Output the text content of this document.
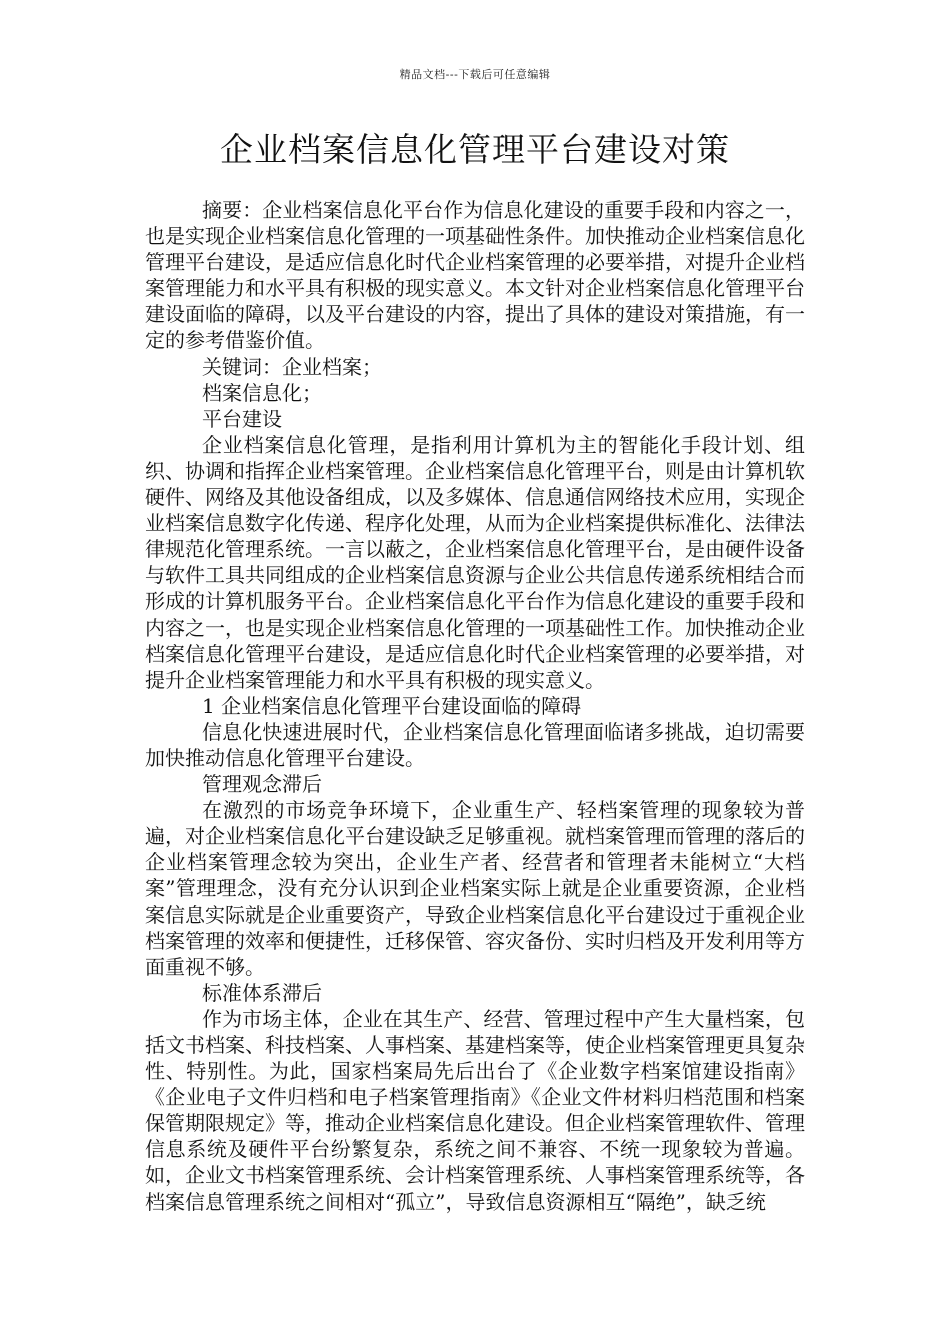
精品文档---下载后可任意编辑
企业档案信息化管理平台建设对策

摘要：企业档案信息化平台作为信息化建设的重要手段和内容之一，也是实现企业档案信息化管理的一项基础性条件。加快推动企业档案信息化管理平台建设，是适应信息化时代企业档案管理的必要举措，对提升企业档案管理能力和水平具有积极的现实意义。本文针对企业档案信息化管理平台建设面临的障碍，以及平台建设的内容，提出了具体的建设对策措施，有一定的参考借鉴价值。

关键词：企业档案；

档案信息化；

平台建设

企业档案信息化管理，是指利用计算机为主的智能化手段计划、组织、协调和指挥企业档案管理。企业档案信息化管理平台，则是由计算机软硬件、网络及其他设备组成，以及多媒体、信息通信网络技术应用，实现企业档案信息数字化传递、程序化处理，从而为企业档案提供标准化、法律法律规范化管理系统。一言以蔽之，企业档案信息化管理平台，是由硬件设备与软件工具共同组成的企业档案信息资源与企业公共信息传递系统相结合而形成的计算机服务平台。企业档案信息化平台作为信息化建设的重要手段和内容之一，也是实现企业档案信息化管理的一项基础性工作。加快推动企业档案信息化管理平台建设，是适应信息化时代企业档案管理的必要举措，对提升企业档案管理能力和水平具有积极的现实意义。

1 企业档案信息化管理平台建设面临的障碍

信息化快速进展时代，企业档案信息化管理面临诸多挑战，迫切需要加快推动信息化管理平台建设。

管理观念滞后

在激烈的市场竞争环境下，企业重生产、轻档案管理的现象较为普遍，对企业档案信息化平台建设缺乏足够重视。就档案管理而管理的落后的企业档案管理念较为突出，企业生产者、经营者和管理者未能树立“大档案”管理理念，没有充分认识到企业档案实际上就是企业重要资源，企业档案信息实际就是企业重要资产，导致企业档案信息化平台建设过于重视企业档案管理的效率和便捷性，迁移保管、容灾备份、实时归档及开发利用等方面重视不够。

标准体系滞后

作为市场主体，企业在其生产、经营、管理过程中产生大量档案，包括文书档案、科技档案、人事档案、基建档案等，使企业档案管理更具复杂性、特别性。为此，国家档案局先后出台了《企业数字档案馆建设指南》《企业电子文件归档和电子档案管理指南》《企业文件材料归档范围和档案保管期限规定》等，推动企业档案信息化建设。但企业档案管理软件、管理信息系统及硬件平台纷繁复杂，系统之间不兼容、不统一现象较为普遍。如，企业文书档案管理系统、会计档案管理系统、人事档案管理系统等，各档案信息管理系统之间相对“孤立”，导致信息资源相互“隔绝”，缺乏统
